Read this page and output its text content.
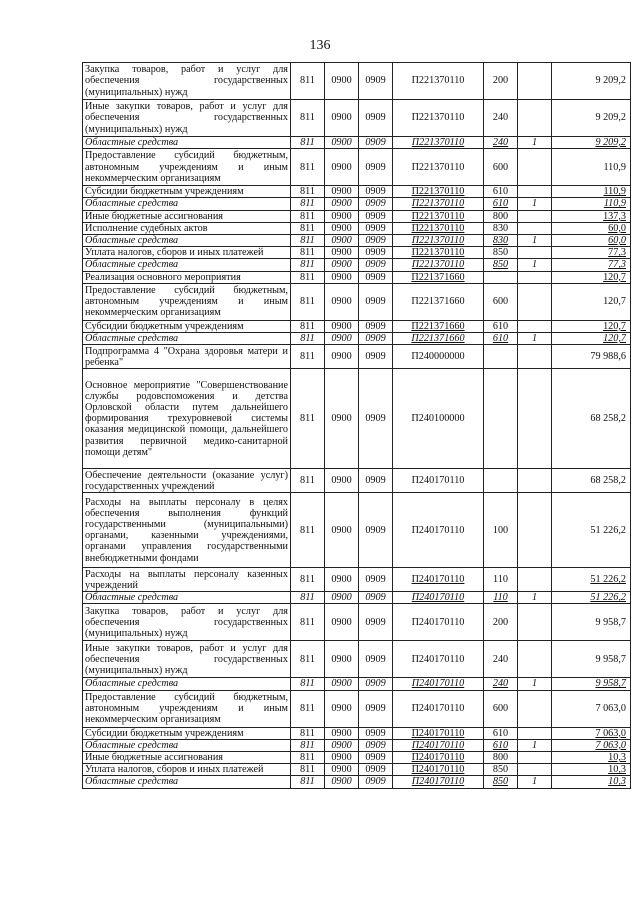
136
Закупка товаров, работ и услуг для обеспечения государственных (муниципальных) нужд	811	0900	0909	П221370110	200		9 209,2
Иные закупки товаров, работ и услуг для обеспечения государственных (муниципальных) нужд	811	0900	0909	П221370110	240		9 209,2
Областные средства	811	0900	0909	П221370110	240	1	9 209,2
Предоставление субсидий бюджетным, автономным учреждениям и иным некоммерческим организациям	811	0900	0909	П221370110	600		110,9
Субсидии бюджетным учреждениям	811	0900	0909	П221370110	610		110,9
Областные средства	811	0900	0909	П221370110	610	1	110,9
Иные бюджетные ассигнования	811	0900	0909	П221370110	800		137,3
Исполнение судебных актов	811	0900	0909	П221370110	830		60,0
Областные средства	811	0900	0909	П221370110	830	1	60,0
Уплата налогов, сборов и иных платежей	811	0900	0909	П221370110	850		77,3
Областные средства	811	0900	0909	П221370110	850	1	77,3
Реализация основного мероприятия	811	0900	0909	П221371660			120,7
Предоставление субсидий бюджетным, автономным учреждениям и иным некоммерческим организациям	811	0900	0909	П221371660	600		120,7
Субсидии бюджетным учреждениям	811	0900	0909	П221371660	610		120,7
Областные средства	811	0900	0909	П221371660	610	1	120,7
Подпрограмма 4 "Охрана здоровья матери и ребенка"	811	0900	0909	П240000000			79 988,6
Основное мероприятие "Совершенствование службы родовспоможения и детства Орловской области путем дальнейшего формирования трехуровневой системы оказания медицинской помощи, дальнейшего развития первичной медико-санитарной помощи детям"	811	0900	0909	П240100000			68 258,2
Обеспечение деятельности (оказание услуг) государственных учреждений	811	0900	0909	П240170110			68 258,2
Расходы на выплаты персоналу в целях обеспечения выполнения функций государственными (муниципальными) органами, казенными учреждениями, органами управления государственными внебюджетными фондами	811	0900	0909	П240170110	100		51 226,2
Расходы на выплаты персоналу казенных учреждений	811	0900	0909	П240170110	110		51 226,2
Областные средства	811	0900	0909	П240170110	110	1	51 226,2
Закупка товаров, работ и услуг для обеспечения государственных (муниципальных) нужд	811	0900	0909	П240170110	200		9 958,7
Иные закупки товаров, работ и услуг для обеспечения государственных (муниципальных) нужд	811	0900	0909	П240170110	240		9 958,7
Областные средства	811	0900	0909	П240170110	240	1	9 958,7
Предоставление субсидий бюджетным, автономным учреждениям и иным некоммерческим организациям	811	0900	0909	П240170110	600		7 063,0
Субсидии бюджетным учреждениям	811	0900	0909	П240170110	610		7 063,0
Областные средства	811	0900	0909	П240170110	610	1	7 063,0
Иные бюджетные ассигнования	811	0900	0909	П240170110	800		10,3
Уплата налогов, сборов и иных платежей	811	0900	0909	П240170110	850		10,3
Областные средства	811	0900	0909	П240170110	850	1	10,3
